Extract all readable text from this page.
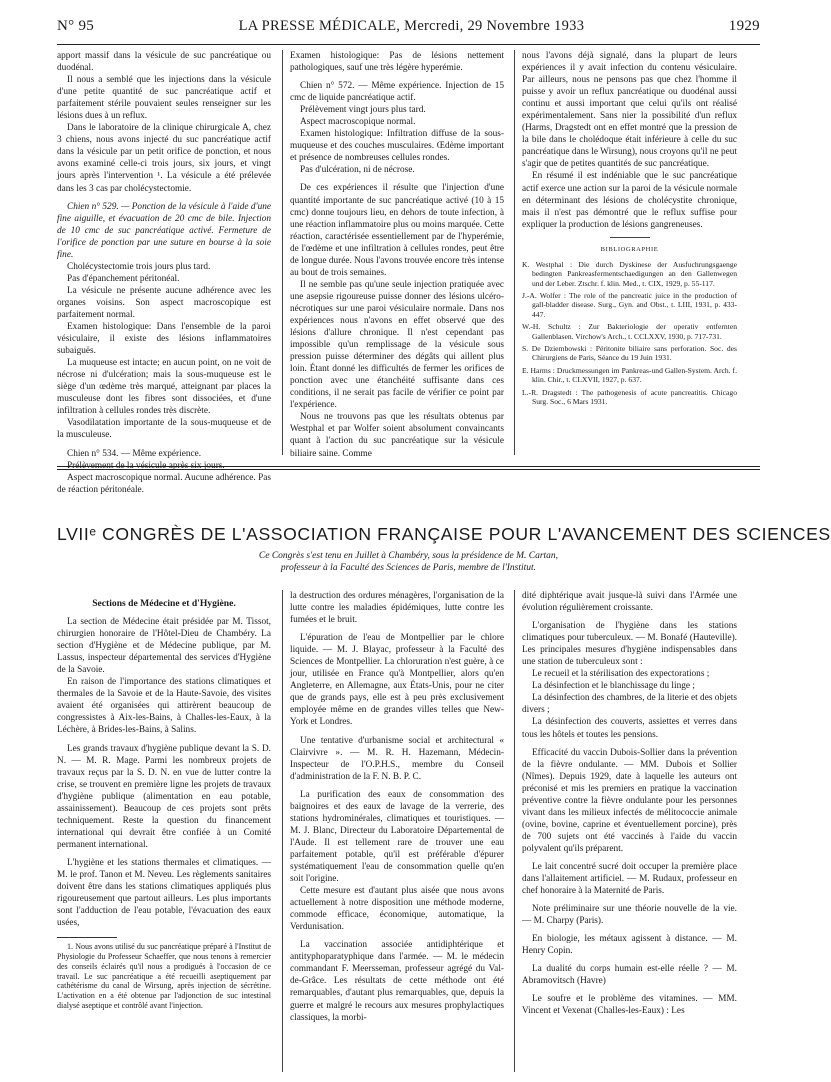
N° 95	LA PRESSE MÉDICALE, Mercredi, 29 Novembre 1933	1929

apport massif dans la vésicule de suc pancréatique ou duodénal.

Il nous a semblé que les injections dans la vésicule d'une petite quantité de suc pancréatique actif et parfaitement stérile pouvaient seules renseigner sur les lésions dues à un reflux.

Dans le laboratoire de la clinique chirurgicale A, chez 3 chiens, nous avons injecté du suc pancréatique actif dans la vésicule par un petit orifice de ponction, et nous avons examiné celle-ci trois jours, six jours, et vingt jours après l'intervention ¹. La vésicule a été prélevée dans les 3 cas par cholécystectomie.

Chien n° 529. — Ponction de la vésicule à l'aide d'une fine aiguille, et évacuation de 20 cmc de bile. Injection de 10 cmc de suc pancréatique activé. Fermeture de l'orifice de ponction par une suture en bourse à la soie fine.

Cholécystectomie trois jours plus tard.

Pas d'épanchement péritonéal.

La vésicule ne présente aucune adhérence avec les organes voisins. Son aspect macroscopique est parfaitement normal.

Examen histologique: Dans l'ensemble de la paroi vésiculaire, il existe des lésions inflammatoires subaiguës.

La muqueuse est intacte; en aucun point, on ne voit de nécrose ni d'ulcération; mais la sous-muqueuse est le siège d'un œdème très marqué, atteignant par places la musculeuse dont les fibres sont dissociées, et d'une infiltration à cellules rondes très discrète.

Vasodilatation importante de la sous-muqueuse et de la musculeuse.

Chien n° 534. — Même expérience.

Prélèvement de la vésicule après six jours.

Aspect macroscopique normal. Aucune adhérence. Pas de réaction péritonéale.

Examen histologique: Pas de lésions nettement pathologiques, sauf une très légère hyperémie.

Chien n° 572. — Même expérience. Injection de 15 cmc de liquide pancréatique actif.

Prélèvement vingt jours plus tard.

Aspect macroscopique normal.

Examen histologique: Infiltration diffuse de la sous-muqueuse et des couches musculaires. Œdème important et présence de nombreuses cellules rondes.

Pas d'ulcération, ni de nécrose.

De ces expériences il résulte que l'injection d'une quantité importante de suc pancréatique activé (10 à 15 cmc) donne toujours lieu, en dehors de toute infection, à une réaction inflammatoire plus ou moins marquée. Cette réaction, caractérisée essentiellement par de l'hyperémie, de l'œdème et une infiltration à cellules rondes, peut être de longue durée. Nous l'avons trouvée encore très intense au bout de trois semaines.

Il ne semble pas qu'une seule injection pratiquée avec une asepsie rigoureuse puisse donner des lésions ulcéro-nécrotiques sur une paroi vésiculaire normale. Dans nos expériences nous n'avons en effet observé que des lésions d'allure chronique. Il n'est cependant pas impossible qu'un remplissage de la vésicule sous pression puisse déterminer des dégâts qui aillent plus loin. Étant donné les difficultés de fermer les orifices de ponction avec une étanchéité suffisante dans ces conditions, il ne serait pas facile de vérifier ce point par l'expérience.

Nous ne trouvons pas que les résultats obtenus par Westphal et par Wolfer soient absolument convaincants quant à l'action du suc pancréatique sur la vésicule biliaire saine. Comme

nous l'avons déjà signalé, dans la plupart de leurs expériences il y avait infection du contenu vésiculaire. Par ailleurs, nous ne pensons pas que chez l'homme il puisse y avoir un reflux pancréatique ou duodénal aussi continu et aussi important que celui qu'ils ont réalisé expérimentalement. Sans nier la possibilité d'un reflux (Harms, Dragstedt ont en effet montré que la pression de la bile dans le cholédoque était inférieure à celle du suc pancréatique dans le Wirsung), nous croyons qu'il ne peut s'agir que de petites quantités de suc pancréatique.

En résumé il est indéniable que le suc pancréatique actif exerce une action sur la paroi de la vésicule normale en déterminant des lésions de cholécystite chronique, mais il n'est pas démontré que le reflux suffise pour expliquer la production de lésions gangreneuses.

BIBLIOGRAPHIE

K. Westphal : Die durch Dyskinese der Ausfuchrungsgaenge bedingten Pankreasfermentschaedigungen an den Gallenwegen und der Leber. Ztschr. f. klin. Med., t. CIX, 1929, p. 55-117.

J.-A. Wolfer : The role of the pancreatic juice in the production of gall-bladder disease. Surg., Gyn. and Obst., t. LIII, 1931, p. 433-447.

W.-H. Schultz : Zur Bakteriologie der operativ entfernten Gallenblasen. Virchow's Arch., t. CCLXXV, 1930, p. 717-731.

S. De Dziembowski : Péritonite biliaire sans perforation. Soc. des Chirurgiens de Paris, Séance du 19 Juin 1931.

E. Harms : Druckmessungen im Pankreas-und Gallen-System. Arch. f. klin. Chir., t. CLXVII, 1927, p. 637.

L.-R. Dragstedt : The pathogenesis of acute pancreatitis. Chicago Surg. Soc., 6 Mars 1931.

LVIIᵉ CONGRÈS DE L'ASSOCIATION FRANÇAISE POUR L'AVANCEMENT DES SCIENCES
Ce Congrès s'est tenu en Juillet à Chambéry, sous la présidence de M. Cartan,
professeur à la Faculté des Sciences de Paris, membre de l'Institut.

Sections de Médecine et d'Hygiène.

La section de Médecine était présidée par M. Tissot, chirurgien honoraire de l'Hôtel-Dieu de Chambéry. La section d'Hygiène et de Médecine publique, par M. Lassus, inspecteur départemental des services d'Hygiène de la Savoie.

En raison de l'importance des stations climatiques et thermales de la Savoie et de la Haute-Savoie, des visites avaient été organisées qui attirèrent beaucoup de congressistes à Aix-les-Bains, à Challes-les-Eaux, à la Léchère, à Brides-les-Bains, à Salins.

Les grands travaux d'hygiène publique devant la S. D. N. — M. R. Mage. Parmi les nombreux projets de travaux reçus par la S. D. N. en vue de lutter contre la crise, se trouvent en première ligne les projets de travaux d'hygiène publique (alimentation en eau potable, assainissement). Beaucoup de ces projets sont prêts techniquement. Reste la question du financement international qui devrait être confiée à un Comité permanent international.

L'hygiène et les stations thermales et climatiques. — M. le prof. Tanon et M. Neveu. Les règlements sanitaires doivent être dans les stations climatiques appliqués plus rigoureusement que partout ailleurs. Les plus importants sont l'adduction de l'eau potable, l'évacuation des eaux usées,

1. Nous avons utilisé du suc pancréatique préparé à l'Institut de Physiologie du Professeur Schaeffer, que nous tenons à remercier des conseils éclairés qu'il nous a prodigués à l'occasion de ce travail. Le suc pancréatique a été recueilli aseptiquement par cathétérisme du canal de Wirsung, après injection de sécrétine. L'activation en a été obtenue par l'adjonction de suc intestinal dialysé aseptique et contrôlé avant l'injection.

la destruction des ordures ménagères, l'organisation de la lutte contre les maladies épidémiques, lutte contre les fumées et le bruit.

L'épuration de l'eau de Montpellier par le chlore liquide. — M. J. Blayac, professeur à la Faculté des Sciences de Montpellier. La chloruration n'est guère, à ce jour, utilisée en France qu'à Montpellier, alors qu'en Angleterre, en Allemagne, aux États-Unis, pour ne citer que de grands pays, elle est à peu près exclusivement employée même en de grandes villes telles que New-York et Londres.

Une tentative d'urbanisme social et architectural « Clairvivre ». — M. R. H. Hazemann, Médecin-Inspecteur de l'O.P.H.S., membre du Conseil d'administration de la F. N. B. P. C.

La purification des eaux de consommation des baignoires et des eaux de lavage de la verrerie, des stations hydrominérales, climatiques et touristiques. — M. J. Blanc, Directeur du Laboratoire Départemental de l'Aude. Il est tellement rare de trouver une eau parfaitement potable, qu'il est préférable d'épurer systématiquement l'eau de consommation quelle qu'en soit l'origine.

Cette mesure est d'autant plus aisée que nous avons actuellement à notre disposition une méthode moderne, commode efficace, économique, automatique, la Verdunisation.

La vaccination associée antidiphtérique et antityphoparatyphique dans l'armée. — M. le médecin commandant F. Meersseman, professeur agrégé du Val-de-Grâce. Les résultats de cette méthode ont été remarquables, d'autant plus remarquables, que, depuis la guerre et malgré le recours aux mesures prophylactiques classiques, la morbi-

dité diphtérique avait jusque-là suivi dans l'Armée une évolution régulièrement croissante.

L'organisation de l'hygiène dans les stations climatiques pour tuberculeux. — M. Bonafé (Hauteville). Les principales mesures d'hygiène indispensables dans une station de tuberculeux sont :

Le recueil et la stérilisation des expectorations ;

La désinfection et le blanchissage du linge ;

La désinfection des chambres, de la literie et des objets divers ;

La désinfection des couverts, assiettes et verres dans tous les hôtels et toutes les pensions.

Efficacité du vaccin Dubois-Sollier dans la prévention de la fièvre ondulante. — MM. Dubois et Sollier (Nîmes). Depuis 1929, date à laquelle les auteurs ont préconisé et mis les premiers en pratique la vaccination préventive contre la fièvre ondulante pour les personnes vivant dans les milieux infectés de mélitococcie animale (ovine, bovine, caprine et éventuellement porcine), près de 700 sujets ont été vaccinés à l'aide du vaccin polyvalent qu'ils préparent.

Le lait concentré sucré doit occuper la première place dans l'allaitement artificiel. — M. Rudaux, professeur en chef honoraire à la Maternité de Paris.

Note préliminaire sur une théorie nouvelle de la vie. — M. Charpy (Paris).

En biologie, les métaux agissent à distance. — M. Henry Copin.

La dualité du corps humain est-elle réelle ? — M. Abramovitsch (Havre)

Le soufre et le problème des vitamines. — MM. Vincent et Vexenat (Challes-les-Eaux) : Les
